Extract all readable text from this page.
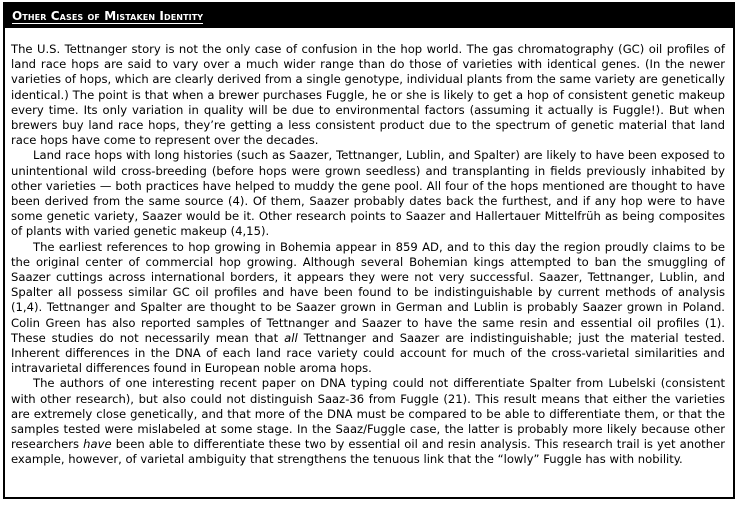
Other Cases of Mistaken Identity

The U.S. Tettnanger story is not the only case of confusion in the hop world. The gas chromatography (GC) oil profiles of land race hops are said to vary over a much wider range than do those of varieties with identical genes. (In the newer varieties of hops, which are clearly derived from a single genotype, individual plants from the same variety are genetically identical.) The point is that when a brewer purchases Fuggle, he or she is likely to get a hop of consistent genetic makeup every time. Its only variation in quality will be due to environmental factors (assuming it actually is Fuggle!). But when brewers buy land race hops, they’re getting a less consistent product due to the spectrum of genetic material that land race hops have come to represent over the decades.

Land race hops with long histories (such as Saazer, Tettnanger, Lublin, and Spalter) are likely to have been exposed to unintentional wild cross-breeding (before hops were grown seedless) and transplanting in fields previously inhabited by other varieties — both practices have helped to muddy the gene pool. All four of the hops mentioned are thought to have been derived from the same source (4). Of them, Saazer probably dates back the furthest, and if any hop were to have some genetic variety, Saazer would be it. Other research points to Saazer and Hallertauer Mittelfrüh as being composites of plants with varied genetic makeup (4,15).

The earliest references to hop growing in Bohemia appear in 859 AD, and to this day the region proudly claims to be the original center of commercial hop growing. Although several Bohemian kings attempted to ban the smuggling of Saazer cuttings across international borders, it appears they were not very successful. Saazer, Tettnanger, Lublin, and Spalter all possess similar GC oil profiles and have been found to be indistinguishable by current methods of analysis (1,4). Tettnanger and Spalter are thought to be Saazer grown in German and Lublin is probably Saazer grown in Poland. Colin Green has also reported samples of Tettnanger and Saazer to have the same resin and essential oil profiles (1). These studies do not necessarily mean that all Tettnanger and Saazer are indistinguishable; just the material tested. Inherent differences in the DNA of each land race variety could account for much of the cross-varietal similarities and intravarietal differences found in European noble aroma hops.

The authors of one interesting recent paper on DNA typing could not differentiate Spalter from Lubelski (consistent with other research), but also could not distinguish Saaz-36 from Fuggle (21). This result means that either the varieties are extremely close genetically, and that more of the DNA must be compared to be able to differentiate them, or that the samples tested were mislabeled at some stage. In the Saaz/Fuggle case, the latter is probably more likely because other researchers have been able to differentiate these two by essential oil and resin analysis. This research trail is yet another example, however, of varietal ambiguity that strengthens the tenuous link that the “lowly” Fuggle has with nobility.
